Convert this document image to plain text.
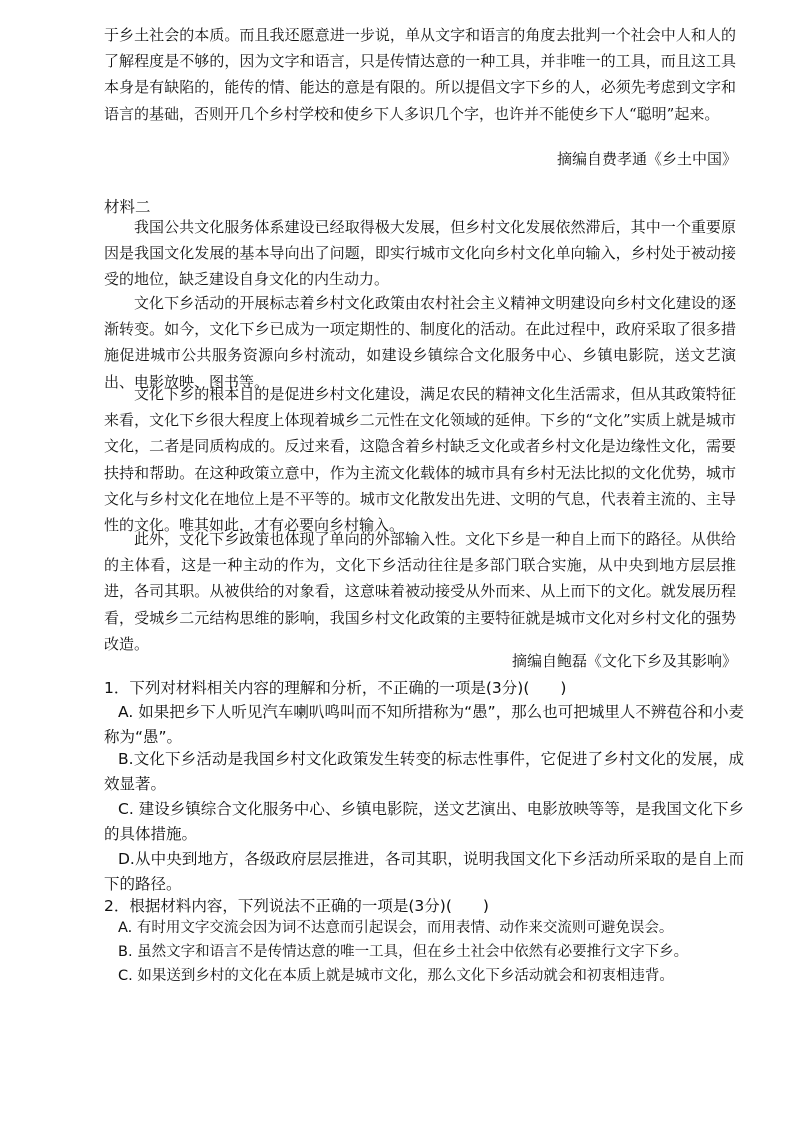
于乡土社会的本质。而且我还愿意进一步说，单从文字和语言的角度去批判一个社会中人和人的了解程度是不够的，因为文字和语言，只是传情达意的一种工具，并非唯一的工具，而且这工具本身是有缺陷的，能传的情、能达的意是有限的。所以提倡文字下乡的人，必须先考虑到文字和语言的基础，否则开几个乡村学校和使乡下人多识几个字，也许并不能使乡下人“聪明”起来。

摘编自费孝通《乡土中国》

材料二

我国公共文化服务体系建设已经取得极大发展，但乡村文化发展依然滞后，其中一个重要原因是我国文化发展的基本导向出了问题，即实行城市文化向乡村文化单向输入，乡村处于被动接受的地位，缺乏建设自身文化的内生动力。

文化下乡活动的开展标志着乡村文化政策由农村社会主义精神文明建设向乡村文化建设的逐渐转变。如今，文化下乡已成为一项定期性的、制度化的活动。在此过程中，政府采取了很多措施促进城市公共服务资源向乡村流动，如建设乡镇综合文化服务中心、乡镇电影院，送文艺演出、电影放映、图书等。

文化下乡的根本目的是促进乡村文化建设，满足农民的精神文化生活需求，但从其政策特征来看，文化下乡很大程度上体现着城乡二元性在文化领域的延伸。下乡的“文化”实质上就是城市文化，二者是同质构成的。反过来看，这隐含着乡村缺乏文化或者乡村文化是边缘性文化，需要扶持和帮助。在这种政策立意中，作为主流文化载体的城市具有乡村无法比拟的文化优势，城市文化与乡村文化在地位上是不平等的。城市文化散发出先进、文明的气息，代表着主流的、主导性的文化。唯其如此，才有必要向乡村输入。

此外，文化下乡政策也体现了单向的外部输入性。文化下乡是一种自上而下的路径。从供给的主体看，这是一种主动的作为，文化下乡活动往往是多部门联合实施，从中央到地方层层推进，各司其职。从被供给的对象看，这意味着被动接受从外而来、从上而下的文化。就发展历程看，受城乡二元结构思维的影响，我国乡村文化政策的主要特征就是城市文化对乡村文化的强势改造。

摘编自鲍磊《文化下乡及其影响》

1．下列对材料相关内容的理解和分析，不正确的一项是(3分)(　　)

A. 如果把乡下人听见汽车喇叭鸣叫而不知所措称为“愚”，那么也可把城里人不辨苞谷和小麦称为“愚”。

B.文化下乡活动是我国乡村文化政策发生转变的标志性事件，它促进了乡村文化的发展，成效显著。

C. 建设乡镇综合文化服务中心、乡镇电影院，送文艺演出、电影放映等等，是我国文化下乡的具体措施。

D.从中央到地方，各级政府层层推进，各司其职，说明我国文化下乡活动所采取的是自上而下的路径。

2．根据材料内容，下列说法不正确的一项是(3分)(　　)

A. 有时用文字交流会因为词不达意而引起误会，而用表情、动作来交流则可避免误会。

B. 虽然文字和语言不是传情达意的唯一工具，但在乡土社会中依然有必要推行文字下乡。

C. 如果送到乡村的文化在本质上就是城市文化，那么文化下乡活动就会和初衷相违背。
